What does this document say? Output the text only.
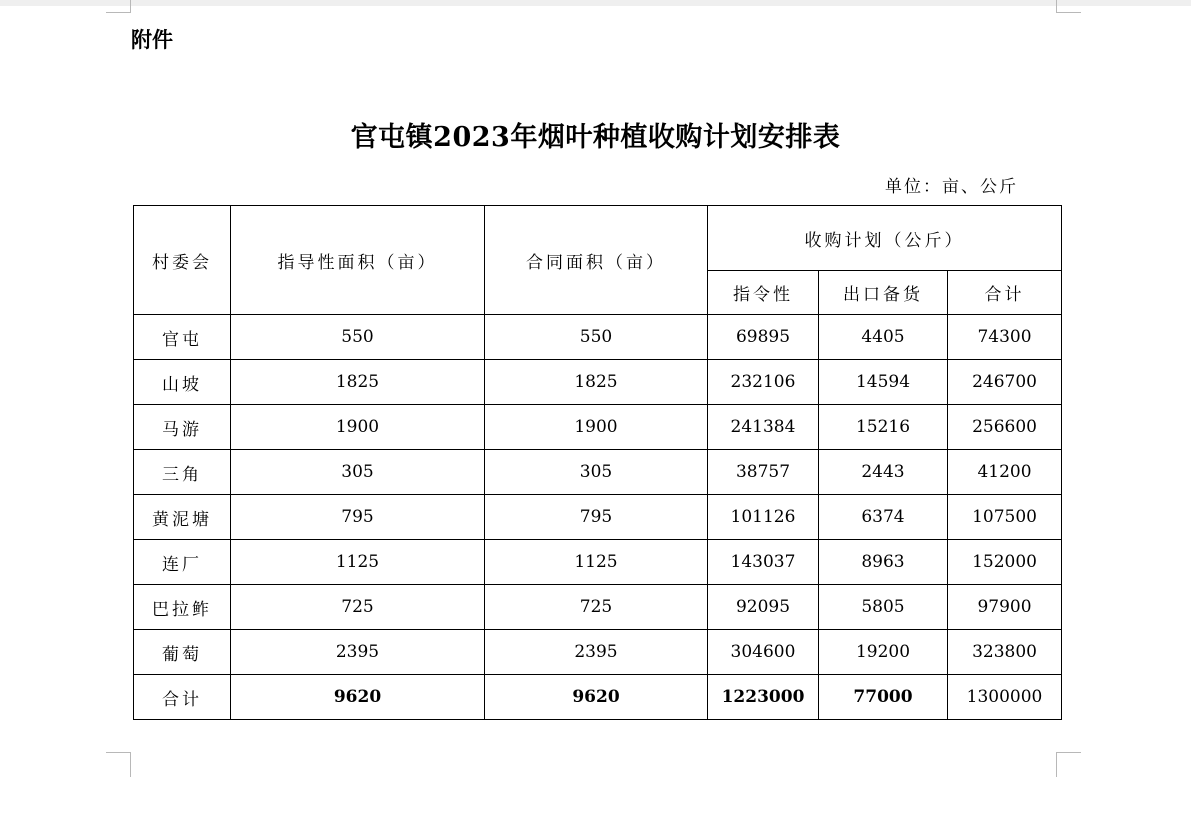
附件
官屯镇2023年烟叶种植收购计划安排表
单位：亩、公斤
村委会	指导性面积（亩）	合同面积（亩）	收购计划（公斤）		
			指令性	出口备货	合计
官屯	550	550	69895	4405	74300
山坡	1825	1825	232106	14594	246700
马游	1900	1900	241384	15216	256600
三角	305	305	38757	2443	41200
黄泥塘	795	795	101126	6374	107500
连厂	1125	1125	143037	8963	152000
巴拉鲊	725	725	92095	5805	97900
葡萄	2395	2395	304600	19200	323800
合计	9620	9620	1223000	77000	1300000
